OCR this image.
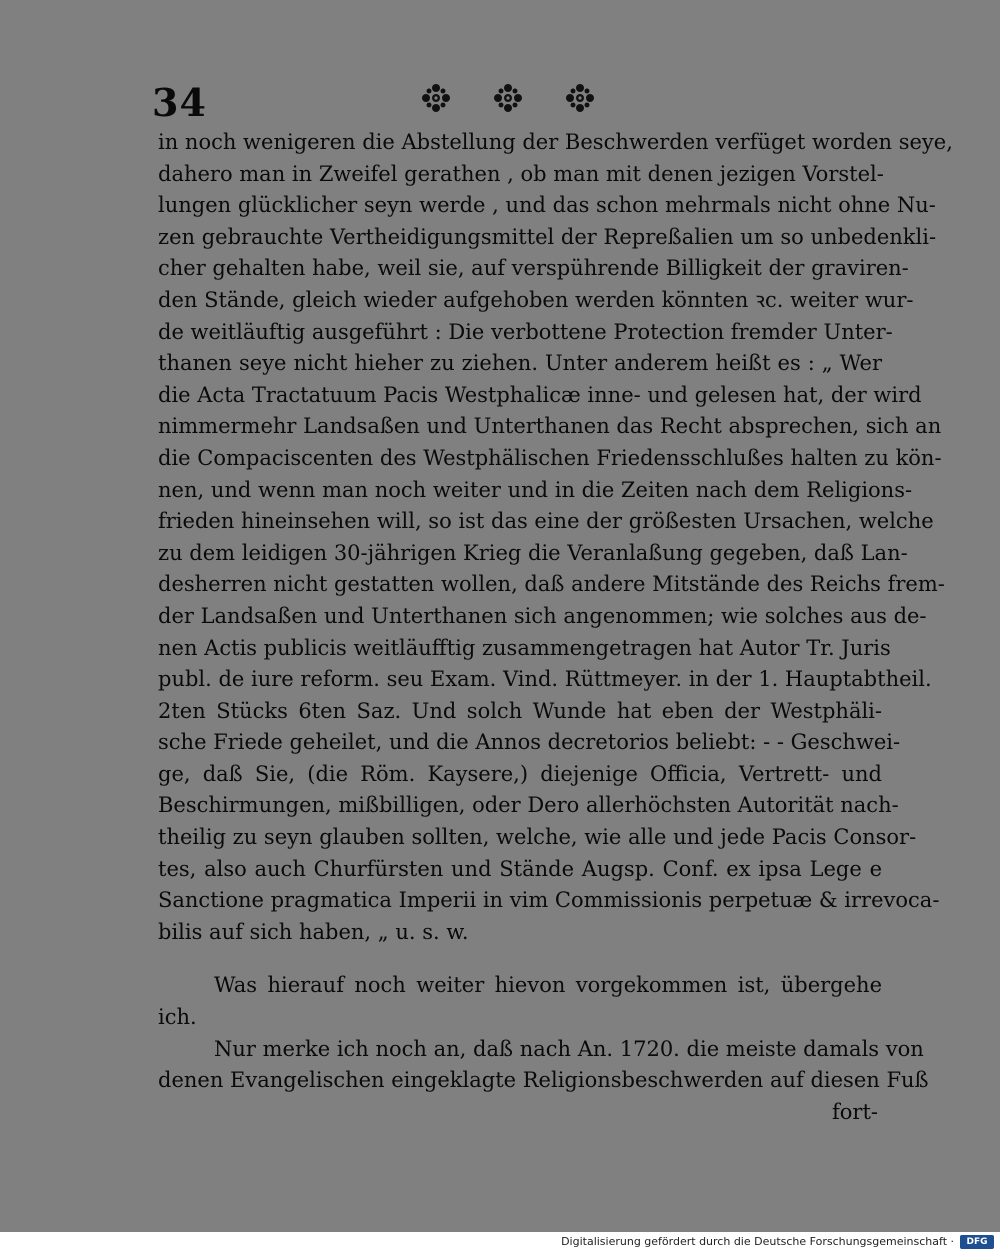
34
in noch wenigeren die Abstellung der Beschwerden verfüget worden seye,
dahero man in Zweifel gerathen , ob man mit denen jezigen Vorstel-
lungen glücklicher seyn werde , und das schon mehrmals nicht ohne Nu-
zen gebrauchte Vertheidigungsmittel der Repreßalien um so unbedenkli-
cher gehalten habe, weil sie, auf verspührende Billigkeit der graviren-
den Stände, gleich wieder aufgehoben werden könnten ꝛc. weiter wur-
de weitläuftig ausgeführt : Die verbottene Protection fremder Unter-
thanen seye nicht hieher zu ziehen. Unter anderem heißt es : „ Wer
die Acta Tractatuum Pacis Westphalicæ inne- und gelesen hat, der wird
nimmermehr Landsaßen und Unterthanen das Recht absprechen, sich an
die Compaciscenten des Westphälischen Friedensschlußes halten zu kön-
nen, und wenn man noch weiter und in die Zeiten nach dem Religions-
frieden hineinsehen will, so ist das eine der größesten Ursachen, welche
zu dem leidigen 30-jährigen Krieg die Veranlaßung gegeben, daß Lan-
desherren nicht gestatten wollen, daß andere Mitstände des Reichs frem-
der Landsaßen und Unterthanen sich angenommen; wie solches aus de-
nen Actis publicis weitläufftig zusammengetragen hat Autor Tr. Juris
publ. de iure reform. seu Exam. Vind. Rüttmeyer. in der 1. Hauptabtheil.
2ten Stücks 6ten Saz. Und solch Wunde hat eben der Westphäli-
sche Friede geheilet, und die Annos decretorios beliebt: - - Geschwei-
ge, daß Sie, (die Röm. Kaysere,) diejenige Officia, Vertrett- und
Beschirmungen, mißbilligen, oder Dero allerhöchsten Autorität nach-
theilig zu seyn glauben sollten, welche, wie alle und jede Pacis Consor-
tes, also auch Churfürsten und Stände Augsp. Conf. ex ipsa Lege e
Sanctione pragmatica Imperii in vim Commissionis perpetuæ & irrevoca-
bilis auf sich haben, „ u. s. w.
Was hierauf noch weiter hievon vorgekommen ist, übergehe
ich.
Nur merke ich noch an, daß nach An. 1720. die meiste damals von
denen Evangelischen eingeklagte Religionsbeschwerden auf diesen Fuß
fort-
Digitalisierung gefördert durch die Deutsche Forschungsgemeinschaft ·	DFG
